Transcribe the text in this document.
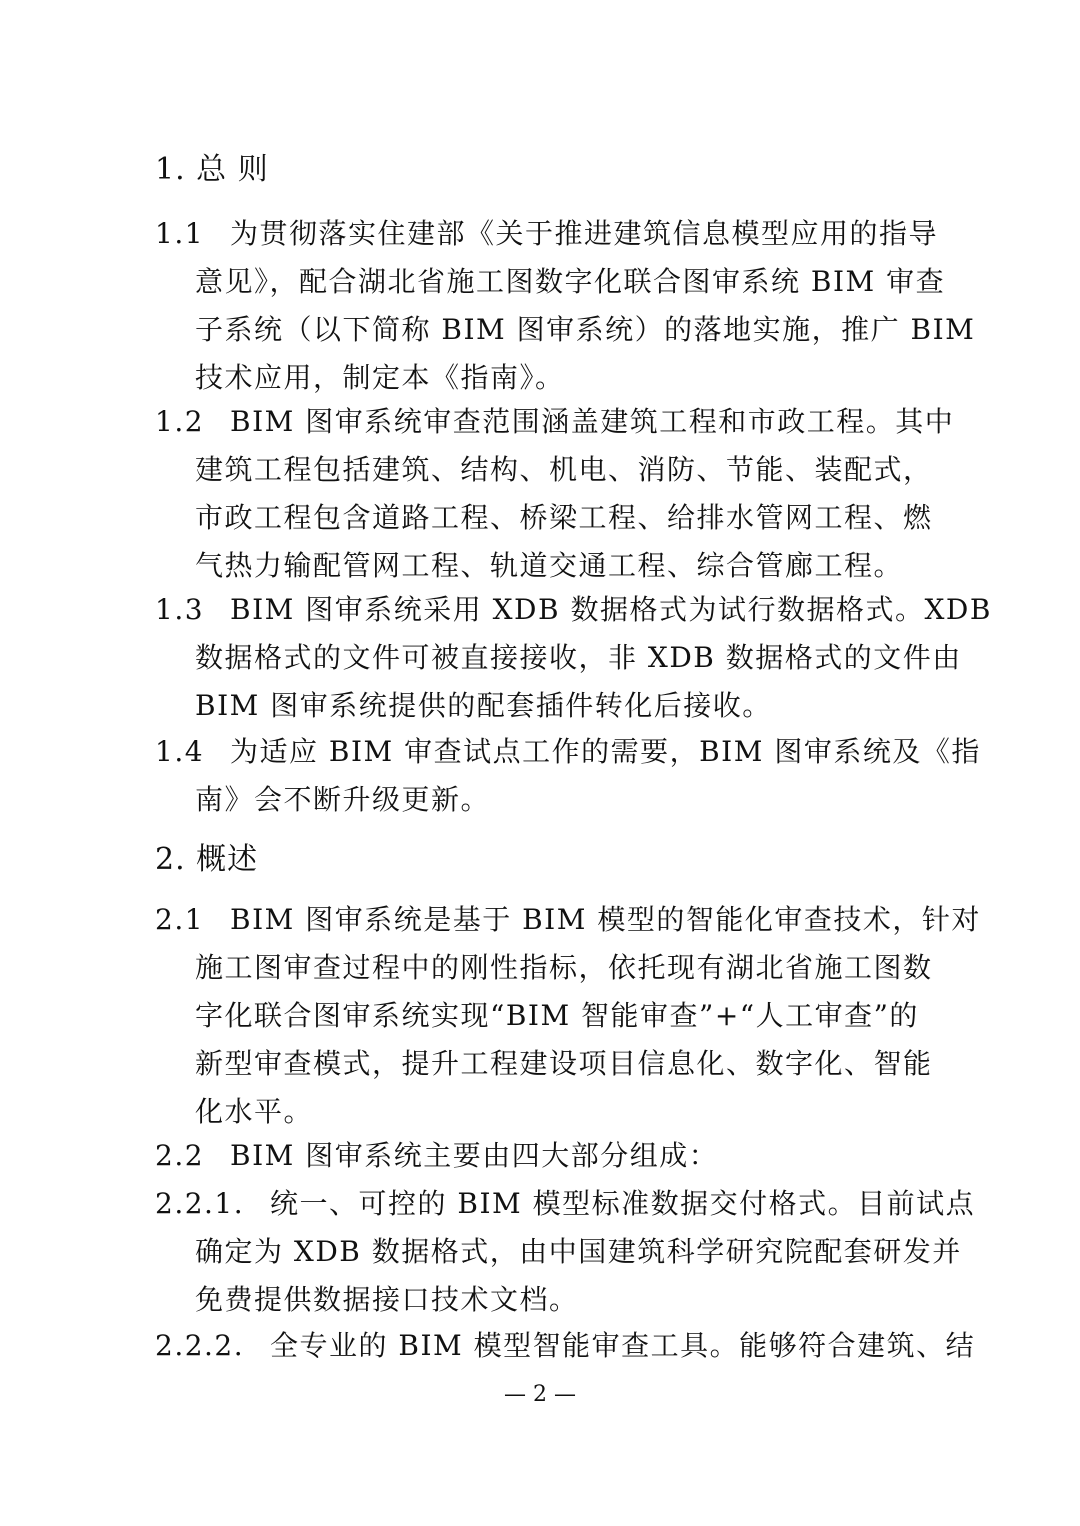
1. 总 则
1.1 为贯彻落实住建部《关于推进建筑信息模型应用的指导
意见》，配合湖北省施工图数字化联合图审系统 BIM 审查
子系统（以下简称 BIM 图审系统）的落地实施，推广 BIM
技术应用，制定本《指南》。
1.2 BIM 图审系统审查范围涵盖建筑工程和市政工程。其中
建筑工程包括建筑、结构、机电、消防、节能、装配式，
市政工程包含道路工程、桥梁工程、给排水管网工程、燃
气热力输配管网工程、轨道交通工程、综合管廊工程。
1.3 BIM 图审系统采用 XDB 数据格式为试行数据格式。XDB
数据格式的文件可被直接接收，非 XDB 数据格式的文件由
BIM 图审系统提供的配套插件转化后接收。
1.4 为适应 BIM 审查试点工作的需要，BIM 图审系统及《指
南》会不断升级更新。
2. 概述
2.1 BIM 图审系统是基于 BIM 模型的智能化审查技术，针对
施工图审查过程中的刚性指标，依托现有湖北省施工图数
字化联合图审系统实现“BIM 智能审查”+“人工审查”的
新型审查模式，提升工程建设项目信息化、数字化、智能
化水平。
2.2 BIM 图审系统主要由四大部分组成：
2.2.1. 统一、可控的 BIM 模型标准数据交付格式。目前试点
确定为 XDB 数据格式，由中国建筑科学研究院配套研发并
免费提供数据接口技术文档。
2.2.2. 全专业的 BIM 模型智能审查工具。能够符合建筑、结
— 2 —
